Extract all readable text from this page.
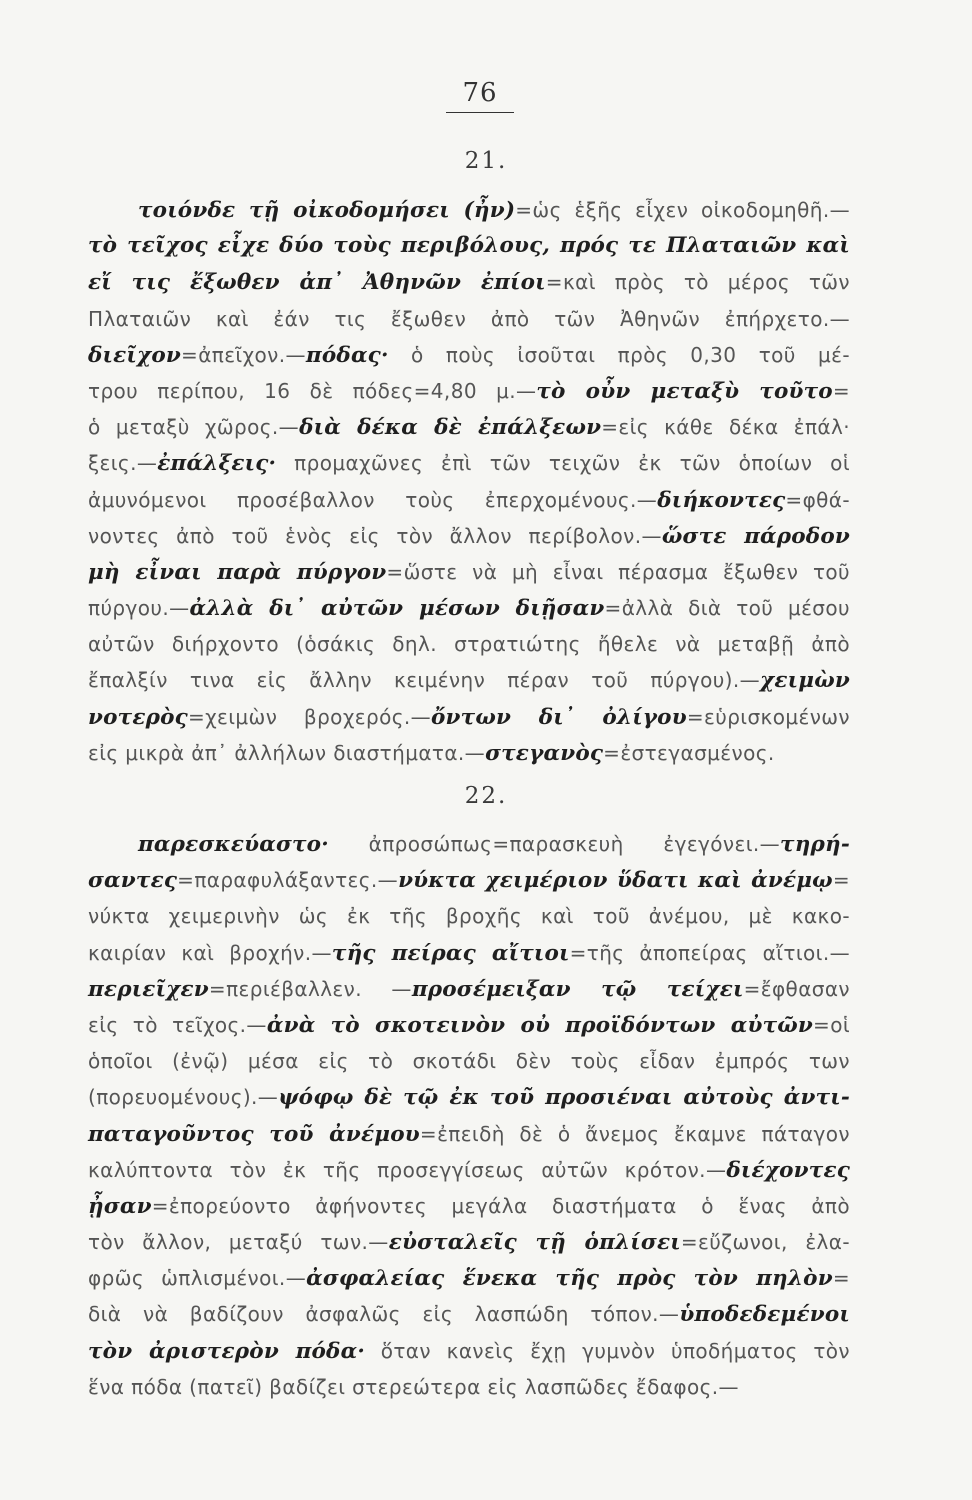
76
21.
τοιόνδε τῇ οἰκοδομήσει (ἦν)=ὡς ἑξῆς εἶχεν οἰκοδομηθῆ.—
τὸ τεῖχος εἶχε δύο τοὺς περιβόλους, πρός τε Πλαταιῶν καὶ
εἴ τις ἔξωθεν ἀπ᾽ Ἀθηνῶν ἐπίοι=καὶ πρὸς τὸ μέρος τῶν
Πλαταιῶν καὶ ἐάν τις ἔξωθεν ἀπὸ τῶν Ἀθηνῶν ἐπήρχετο.—
διεῖχον=ἀπεῖχον.—πόδας· ὁ ποὺς ἰσοῦται πρὸς 0,30 τοῦ μέ-
τρου περίπου, 16 δὲ πόδες=4,80 μ.—τὸ οὖν μεταξὺ τοῦτο=
ὁ μεταξὺ χῶρος.—διὰ δέκα δὲ ἐπάλξεων=εἰς κάθε δέκα ἐπάλ·
ξεις.—ἐπάλξεις· προμαχῶνες ἐπὶ τῶν τειχῶν ἐκ τῶν ὁποίων οἱ
ἀμυνόμενοι προσέβαλλον τοὺς ἐπερχομένους.—διήκοντες=φθά-
νοντες ἀπὸ τοῦ ἑνὸς εἰς τὸν ἄλλον περίβολον.—ὥστε πάροδον
μὴ εἶναι παρὰ πύργον=ὥστε νὰ μὴ εἶναι πέρασμα ἔξωθεν τοῦ
πύργου.—ἀλλὰ δι᾽ αὐτῶν μέσων διῇσαν=ἀλλὰ διὰ τοῦ μέσου
αὐτῶν διήρχοντο (ὁσάκις δηλ. στρατιώτης ἤθελε νὰ μεταβῇ ἀπὸ
ἔπαλξίν τινα εἰς ἄλλην κειμένην πέραν τοῦ πύργου).—χειμὼν
νοτερὸς=χειμὼν βροχερός.—ὄντων δι᾽ ὀλίγου=εὑρισκομένων
εἰς μικρὰ ἀπ᾽ ἀλλήλων διαστήματα.—στεγανὸς=ἐστεγασμένος.
22.
παρεσκεύαστο· ἀπροσώπως=παρασκευὴ ἐγεγόνει.—τηρή-
σαντες=παραφυλάξαντες.—νύκτα χειμέριον ὕδατι καὶ ἀνέμῳ=
νύκτα χειμερινὴν ὡς ἐκ τῆς βροχῆς καὶ τοῦ ἀνέμου, μὲ κακο-
καιρίαν καὶ βροχήν.—τῆς πείρας αἴτιοι=τῆς ἀποπείρας αἴτιοι.—
περιεῖχεν=περιέβαλλεν. —προσέμειξαν τῷ τείχει=ἔφθασαν
εἰς τὸ τεῖχος.—ἀνὰ τὸ σκοτεινὸν οὐ προϊδόντων αὐτῶν=οἱ
ὁποῖοι (ἐνῷ) μέσα εἰς τὸ σκοτάδι δὲν τοὺς εἶδαν ἐμπρός των
(πορευομένους).—ψόφῳ δὲ τῷ ἐκ τοῦ προσιέναι αὐτοὺς ἀντι-
παταγοῦντος τοῦ ἀνέμου=ἐπειδὴ δὲ ὁ ἄνεμος ἔκαμνε πάταγον
καλύπτοντα τὸν ἐκ τῆς προσεγγίσεως αὐτῶν κρότον.—διέχοντες
ᾖσαν=ἐπορεύοντο ἀφήνοντες μεγάλα διαστήματα ὁ ἕνας ἀπὸ
τὸν ἄλλον, μεταξύ των.—εὐσταλεῖς τῇ ὁπλίσει=εὔζωνοι, ἐλα-
φρῶς ὡπλισμένοι.—ἀσφαλείας ἕνεκα τῆς πρὸς τὸν πηλὸν=
διὰ νὰ βαδίζουν ἀσφαλῶς εἰς λασπώδη τόπον.—ὑποδεδεμένοι
τὸν ἀριστερὸν πόδα· ὅταν κανεὶς ἔχῃ γυμνὸν ὑποδήματος τὸν
ἕνα πόδα (πατεῖ) βαδίζει στερεώτερα εἰς λασπῶδες ἔδαφος.—
